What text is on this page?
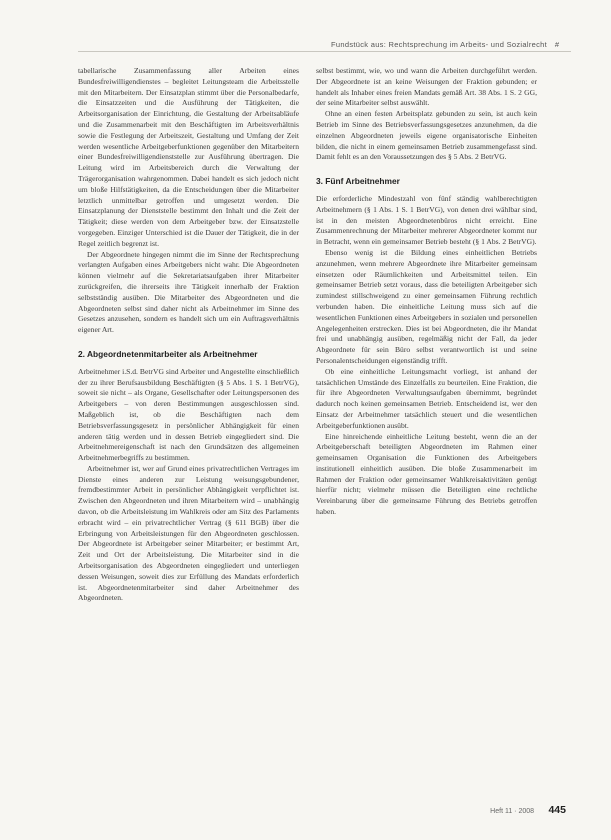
Fundstück aus: Rechtsprechung im Arbeits- und Sozialrecht #

tabellarische Zusammenfassung aller Arbeiten eines Bundesfreiwilligendienstes – begleitet Leitungsteam die Arbeitsstelle mit den Mitarbeitern. Der Einsatzplan stimmt über die Personalbedarfe, die Einsatzzeiten und die Ausführung der Tätigkeiten, die Arbeitsorganisation der Einrichtung, die Gestaltung der Arbeitsabläufe und die Zusammenarbeit mit den Beschäftigten im Arbeitsverhältnis sowie die Festlegung der Arbeitszeit, Gestaltung und Umfang der Zeit werden wesentliche Arbeitgeberfunktionen gegenüber den Mitarbeitern einer Bundesfreiwilligendienststelle zur Ausführung übertragen. Die Leitung wird im Arbeitsbereich durch die Verwaltung der Trägerorganisation wahrgenommen. Dabei handelt es sich jedoch nicht um bloße Hilfstätigkeiten, da die Entscheidungen über die Mitarbeiter letztlich unmittelbar getroffen und umgesetzt werden. Die Einsatzplanung der Dienststelle bestimmt den Inhalt und die Zeit der Tätigkeit; diese werden von dem Arbeitgeber bzw. der Einsatzstelle vorgegeben. Einziger Unterschied ist die Dauer der Tätigkeit, die in der Regel zeitlich begrenzt ist.

Der Abgeordnete hingegen nimmt die im Sinne der Rechtsprechung verlangten Aufgaben eines Arbeitgebers nicht wahr. Die Abgeordneten können vielmehr auf die Sekretariatsaufgaben ihrer Mitarbeiter zurückgreifen, die ihrerseits ihre Tätigkeit innerhalb der Fraktion selbstständig ausüben. Die Mitarbeiter des Abgeordneten und die Abgeordneten selbst sind daher nicht als Arbeitnehmer im Sinne des Gesetzes anzusehen, sondern es handelt sich um ein Auftragsverhältnis eigener Art.

2. Abgeordnetenmitarbeiter als Arbeitnehmer

Arbeitnehmer i.S.d. BetrVG sind Arbeiter und Angestellte einschließlich der zu ihrer Berufsausbildung Beschäftigten (§ 5 Abs. 1 S. 1 BetrVG), soweit sie nicht – als Organe, Gesellschafter oder Leitungspersonen des Arbeitgebers – von deren Bestimmungen ausgeschlossen sind. Maßgeblich ist, ob die Beschäftigten nach dem Betriebsverfassungsgesetz in persönlicher Abhängigkeit für einen anderen tätig werden und in dessen Betrieb eingegliedert sind. Die Arbeitnehmereigenschaft ist nach den Grundsätzen des allgemeinen Arbeitnehmerbegriffs zu bestimmen.

Arbeitnehmer ist, wer auf Grund eines privatrechtlichen Vertrages im Dienste eines anderen zur Leistung weisungsgebundener, fremdbestimmter Arbeit in persönlicher Abhängigkeit verpflichtet ist. Zwischen den Abgeordneten und ihren Mitarbeitern wird – unabhängig davon, ob die Arbeitsleistung im Wahlkreis oder am Sitz des Parlaments erbracht wird – ein privatrechtlicher Vertrag (§ 611 BGB) über die Erbringung von Arbeitsleistungen für den Abgeordneten geschlossen. Der Abgeordnete ist Arbeitgeber seiner Mitarbeiter; er bestimmt Art, Zeit und Ort der Arbeitsleistung. Die Mitarbeiter sind in die Arbeitsorganisation des Abgeordneten eingegliedert und unterliegen dessen Weisungen, soweit dies zur Erfüllung des Mandats erforderlich ist. Abgeordnetenmitarbeiter sind daher Arbeitnehmer des Abgeordneten.

selbst bestimmt, wie, wo und wann die Arbeiten durchgeführt werden. Der Abgeordnete ist an keine Weisungen der Fraktion gebunden; er handelt als Inhaber eines freien Mandats gemäß Art. 38 Abs. 1 S. 2 GG, der seine Mitarbeiter selbst auswählt.

Ohne an einen festen Arbeitsplatz gebunden zu sein, ist auch kein Betrieb im Sinne des Betriebsverfassungsgesetzes anzunehmen, da die einzelnen Abgeordneten jeweils eigene organisatorische Einheiten bilden, die nicht in einem gemeinsamen Betrieb zusammengefasst sind. Damit fehlt es an den Voraussetzungen des § 5 Abs. 2 BetrVG.

3. Fünf Arbeitnehmer

Die erforderliche Mindestzahl von fünf ständig wahlberechtigten Arbeitnehmern (§ 1 Abs. 1 S. 1 BetrVG), von denen drei wählbar sind, ist in den meisten Abgeordnetenbüros nicht erreicht. Eine Zusammenrechnung der Mitarbeiter mehrerer Abgeordneter kommt nur in Betracht, wenn ein gemeinsamer Betrieb besteht (§ 1 Abs. 2 BetrVG).

Ebenso wenig ist die Bildung eines einheitlichen Betriebs anzunehmen, wenn mehrere Abgeordnete ihre Mitarbeiter gemeinsam einsetzen oder Räumlichkeiten und Arbeitsmittel teilen. Ein gemeinsamer Betrieb setzt voraus, dass die beteiligten Arbeitgeber sich zumindest stillschweigend zu einer gemeinsamen Führung rechtlich verbunden haben. Die einheitliche Leitung muss sich auf die wesentlichen Funktionen eines Arbeitgebers in sozialen und personellen Angelegenheiten erstrecken. Dies ist bei Abgeordneten, die ihr Mandat frei und unabhängig ausüben, regelmäßig nicht der Fall, da jeder Abgeordnete für sein Büro selbst verantwortlich ist und seine Personalentscheidungen eigenständig trifft.

Ob eine einheitliche Leitungsmacht vorliegt, ist anhand der tatsächlichen Umstände des Einzelfalls zu beurteilen. Eine Fraktion, die für ihre Abgeordneten Verwaltungsaufgaben übernimmt, begründet dadurch noch keinen gemeinsamen Betrieb. Entscheidend ist, wer den Einsatz der Arbeitnehmer tatsächlich steuert und die wesentlichen Arbeitgeberfunktionen ausübt.

Eine hinreichende einheitliche Leitung besteht, wenn die an der Arbeitgeberschaft beteiligten Abgeordneten im Rahmen einer gemeinsamen Organisation die Funktionen des Arbeitgebers institutionell einheitlich ausüben. Die bloße Zusammenarbeit im Rahmen der Fraktion oder gemeinsamer Wahlkreisaktivitäten genügt hierfür nicht; vielmehr müssen die Beteiligten eine rechtliche Vereinbarung über die gemeinsame Führung des Betriebs getroffen haben.

Heft 11 · 2008 445
